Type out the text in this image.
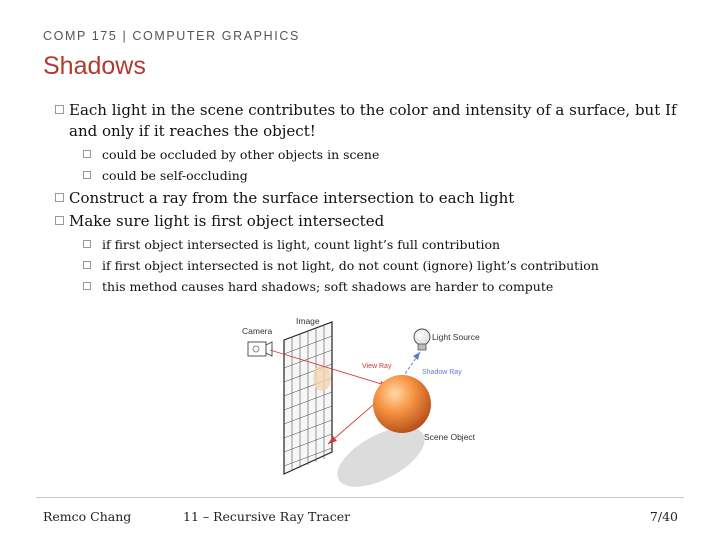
COMP 175 | COMPUTER GRAPHICS
Shadows
Each light in the scene contributes to the color and intensity of a surface, but If and only if it reaches the object!
could be occluded by other objects in scene
could be self-occluding
Construct a ray from the surface intersection to each light
Make sure light is first object intersected
if first object intersected is light, count light’s full contribution
if first object intersected is not light, do not count (ignore) light’s contribution
this method causes hard shadows; soft shadows are harder to compute
Camera
Image
Light Source
View Ray
Shadow Ray
Scene Object
Remco Chang	11 – Recursive Ray Tracer	7/40
